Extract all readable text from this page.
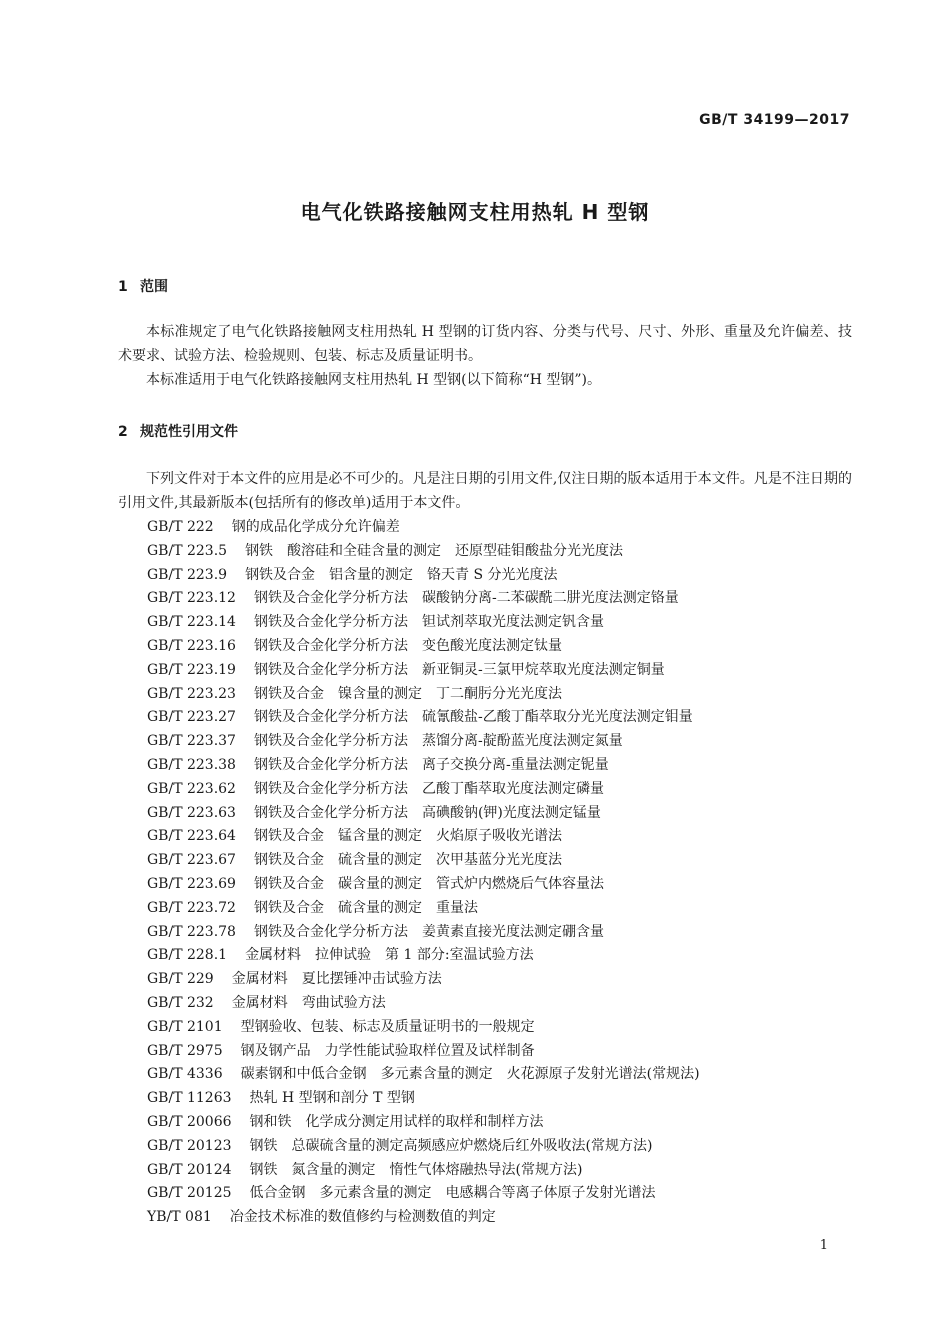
GB/T 34199—2017
电气化铁路接触网支柱用热轧 H 型钢
1 范围

本标准规定了电气化铁路接触网支柱用热轧 H 型钢的订货内容、分类与代号、尺寸、外形、重量及允许偏差、技术要求、试验方法、检验规则、包装、标志及质量证明书。

本标准适用于电气化铁路接触网支柱用热轧 H 型钢(以下简称“H 型钢”)。

2 规范性引用文件

下列文件对于本文件的应用是必不可少的。凡是注日期的引用文件,仅注日期的版本适用于本文件。凡是不注日期的引用文件,其最新版本(包括所有的修改单)适用于本文件。

GB/T 222 钢的成品化学成分允许偏差
GB/T 223.5 钢铁　酸溶硅和全硅含量的测定　还原型硅钼酸盐分光光度法
GB/T 223.9 钢铁及合金　铝含量的测定　铬天青 S 分光光度法
GB/T 223.12 钢铁及合金化学分析方法　碳酸钠分离-二苯碳酰二肼光度法测定铬量
GB/T 223.14 钢铁及合金化学分析方法　钽试剂萃取光度法测定钒含量
GB/T 223.16 钢铁及合金化学分析方法　变色酸光度法测定钛量
GB/T 223.19 钢铁及合金化学分析方法　新亚铜灵-三氯甲烷萃取光度法测定铜量
GB/T 223.23 钢铁及合金　镍含量的测定　丁二酮肟分光光度法
GB/T 223.27 钢铁及合金化学分析方法　硫氰酸盐-乙酸丁酯萃取分光光度法测定钼量
GB/T 223.37 钢铁及合金化学分析方法　蒸馏分离-靛酚蓝光度法测定氮量
GB/T 223.38 钢铁及合金化学分析方法　离子交换分离-重量法测定铌量
GB/T 223.62 钢铁及合金化学分析方法　乙酸丁酯萃取光度法测定磷量
GB/T 223.63 钢铁及合金化学分析方法　高碘酸钠(钾)光度法测定锰量
GB/T 223.64 钢铁及合金　锰含量的测定　火焰原子吸收光谱法
GB/T 223.67 钢铁及合金　硫含量的测定　次甲基蓝分光光度法
GB/T 223.69 钢铁及合金　碳含量的测定　管式炉内燃烧后气体容量法
GB/T 223.72 钢铁及合金　硫含量的测定　重量法
GB/T 223.78 钢铁及合金化学分析方法　姜黄素直接光度法测定硼含量
GB/T 228.1 金属材料　拉伸试验　第 1 部分:室温试验方法
GB/T 229 金属材料　夏比摆锤冲击试验方法
GB/T 232 金属材料　弯曲试验方法
GB/T 2101 型钢验收、包装、标志及质量证明书的一般规定
GB/T 2975 钢及钢产品　力学性能试验取样位置及试样制备
GB/T 4336 碳素钢和中低合金钢　多元素含量的测定　火花源原子发射光谱法(常规法)
GB/T 11263 热轧 H 型钢和剖分 T 型钢
GB/T 20066 钢和铁　化学成分测定用试样的取样和制样方法
GB/T 20123 钢铁　总碳硫含量的测定高频感应炉燃烧后红外吸收法(常规方法)
GB/T 20124 钢铁　氮含量的测定　惰性气体熔融热导法(常规方法)
GB/T 20125 低合金钢　多元素含量的测定　电感耦合等离子体原子发射光谱法
YB/T 081 冶金技术标准的数值修约与检测数值的判定
1
